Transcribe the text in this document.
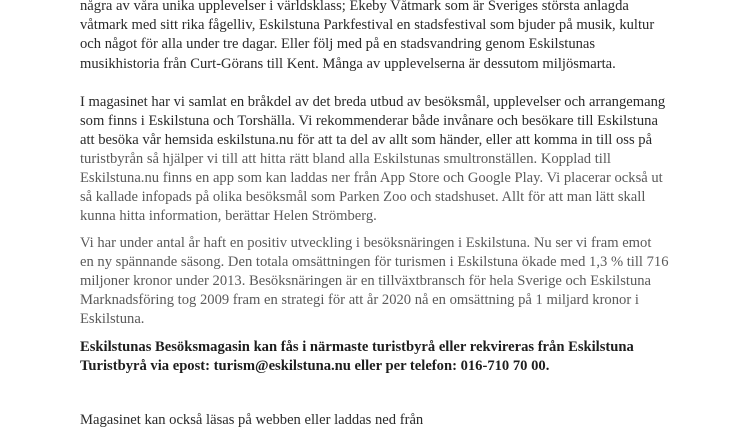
några av våra unika upplevelser i världsklass; Ekeby Våtmark som är Sveriges största anlagda
våtmark med sitt rika fågelliv, Eskilstuna Parkfestival en stadsfestival som bjuder på musik, kultur
och något för alla under tre dagar. Eller följ med på en stadsvandring genom Eskilstunas
musikhistoria från Curt-Görans till Kent. Många av upplevelserna är dessutom miljösmarta.
I magasinet har vi samlat en bråkdel av det breda utbud av besöksmål, upplevelser och arrangemang
som finns i Eskilstuna och Torshälla. Vi rekommenderar både invånare och besökare till Eskilstuna
att besöka vår hemsida eskilstuna.nu för att ta del av allt som händer, eller att komma in till oss på
turistbyrån så hjälper vi till att hitta rätt bland alla Eskilstunas smultronställen. Kopplad till
Eskilstuna.nu finns en app som kan laddas ner från App Store och Google Play. Vi placerar också ut
så kallade infopads på olika besöksmål som Parken Zoo och stadshuset. Allt för att man lätt skall
kunna hitta information, berättar Helen Strömberg.
Vi har under antal år haft en positiv utveckling i besöksnäringen i Eskilstuna. Nu ser vi fram emot
en ny spännande säsong. Den totala omsättningen för turismen i Eskilstuna ökade med 1,3 % till 716
miljoner kronor under 2013. Besöksnäringen är en tillväxtbransch för hela Sverige och Eskilstuna
Marknadsföring tog 2009 fram en strategi för att år 2020 nå en omsättning på 1 miljard kronor i
Eskilstuna.
Eskilstunas Besöksmagasin kan fås i närmaste turistbyrå eller rekvireras från Eskilstuna
Turistbyrå via epost: turism@eskilstuna.nu eller per telefon: 016-710 70 00.
Magasinet kan också läsas på webben eller laddas ned från
